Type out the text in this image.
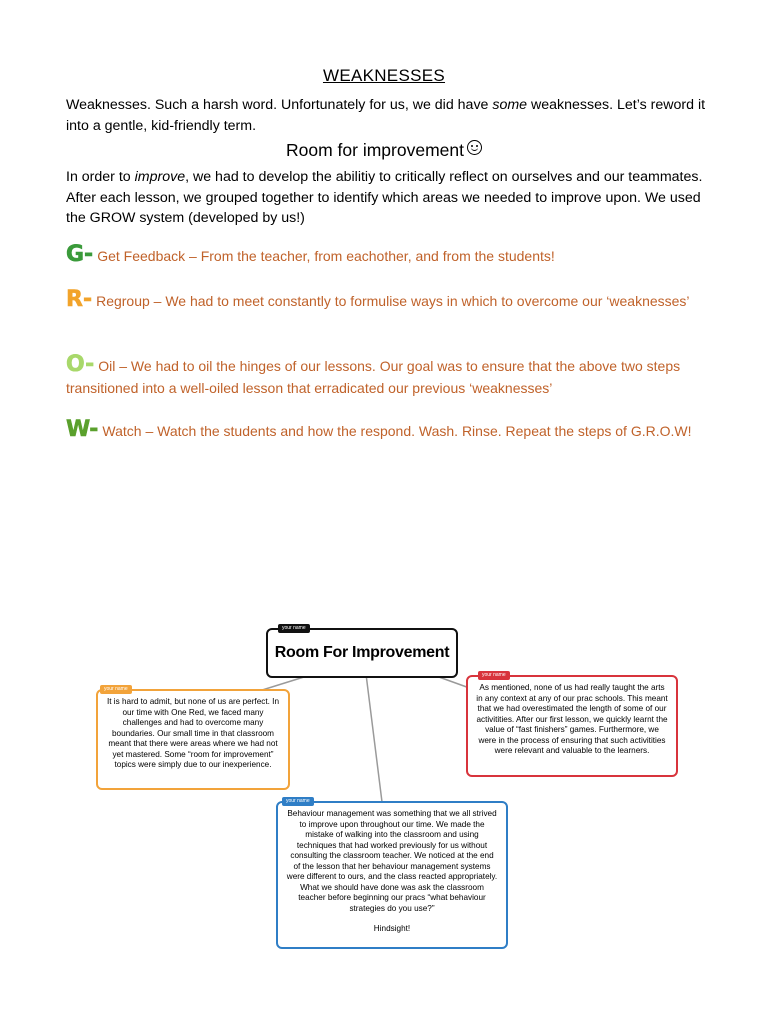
WEAKNESSES
Weaknesses. Such a harsh word. Unfortunately for us, we did have some weaknesses. Let’s reword it into a gentle, kid-friendly term.
Room for improvement
In order to improve, we had to develop the abilitiy to critically reflect on ourselves and our teammates. After each lesson, we grouped together to identify which areas we needed to improve upon. We used the GROW system (developed by us!)
G- Get Feedback – From the teacher, from eachother, and from the students!
R- Regroup – We had to meet constantly to formulise ways in which to overcome our ‘weaknesses’
O- Oil – We had to oil the hinges of our lessons. Our goal was to ensure that the above two steps transitioned into a well-oiled lesson that erradicated our previous ‘weaknesses’
W- Watch – Watch the students and how the respond. Wash. Rinse. Repeat the steps of G.R.O.W!
Room For Improvement
your name
It is hard to admit, but none of us are perfect. In our time with One Red, we faced many challenges and had to overcome many boundaries. Our small time in that classroom meant that there were areas where we had not yet mastered. Some “room for improvement” topics were simply due to our inexperience.
your name	As mentioned, none of us had really taught the arts in any context at any of our prac schools. This meant that we had overestimated the length of some of our activitities. After our first lesson, we quickly learnt the value of “fast finishers” games. Furthermore, we were in the process of ensuring that such activitities were relevant and valuable to the learners.
your name
Behaviour management was something that we all strived to improve upon throughout our time. We made the mistake of walking into the classroom and using techniques that had worked previously for us without consulting the classroom teacher. We noticed at the end of the lesson that her behaviour management systems were different to ours, and the class reacted appropriately. What we should have done was ask the classroom teacher before beginning our pracs “what behaviour strategies do you use?”
Hindsight!
your name
